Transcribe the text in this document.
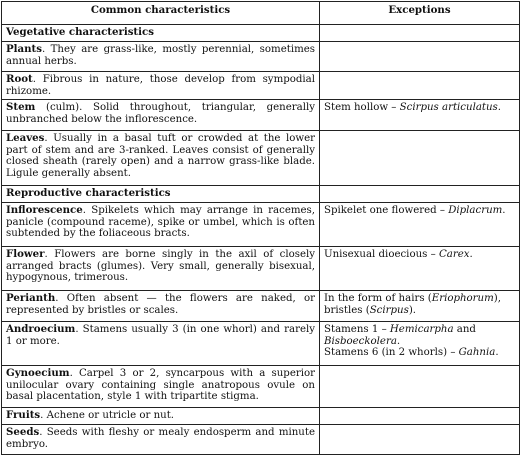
Common characteristics	Exceptions
Vegetative characteristics	
Plants. They are grass-like, mostly perennial, sometimes annual herbs.	
Root. Fibrous in nature, those develop from sympodial rhizome.	
Stem (culm). Solid throughout, triangular, generally unbranched below the inflorescence.	Stem hollow – Scirpus articulatus.

Leaves. Usually in a basal tuft or crowded at the lower part of stem and are 3-ranked. Leaves consist of generally closed sheath (rarely open) and a narrow grass-like blade. Ligule generally absent.	
Reproductive characteristics	
Inflorescence. Spikelets which may arrange in racemes, panicle (compound raceme), spike or umbel, which is often subtended by the foliaceous bracts.	Spikelet one flowered – Diplacrum.

Flower. Flowers are borne singly in the axil of closely arranged bracts (glumes). Very small, generally bisexual, hypogynous, trimerous.	Unisexual dioecious – Carex.

Perianth. Often absent — the flowers are naked, or represented by bristles or scales.	In the form of hairs (Eriophorum), bristles (Scirpus).

Androecium. Stamens usually 3 (in one whorl) and rarely 1 or more.	Stamens 1 – Hemicarpha and Bisboeckolera.
Stamens 6 (in 2 whorls) – Gahnia.

Gynoecium. Carpel 3 or 2, syncarpous with a superior unilocular ovary containing single anatropous ovule on basal placentation, style 1 with tripartite stigma.	
Fruits. Achene or utricle or nut.	
Seeds. Seeds with fleshy or mealy endosperm and minute embryo.	
